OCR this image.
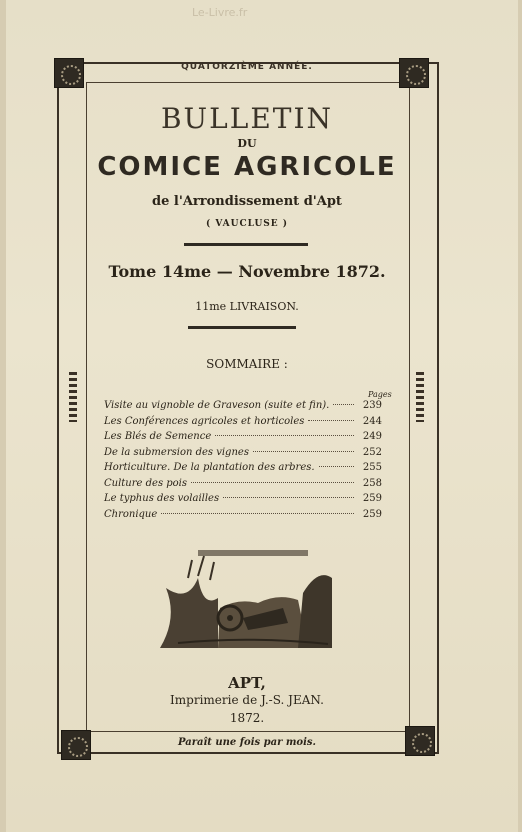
Le-Livre.fr
QUATORZIÈME ANNÉE.
BULLETIN
DU
COMICE AGRICOLE
de l'Arrondissement d'Apt
( VAUCLUSE )
Tome 14me — Novembre 1872.
11me LIVRAISON.
SOMMAIRE :
Pages
Visite au vignoble de Graveson (suite et fin).	239
Les Conférences agricoles et horticoles	244
Les Blés de Semence	249
De la submersion des vignes	252
Horticulture. De la plantation des arbres.	255
Culture des pois	258
Le typhus des volailles	259
Chronique	259
APT,
Imprimerie de J.-S. JEAN.
1872.
Paraît une fois par mois.
